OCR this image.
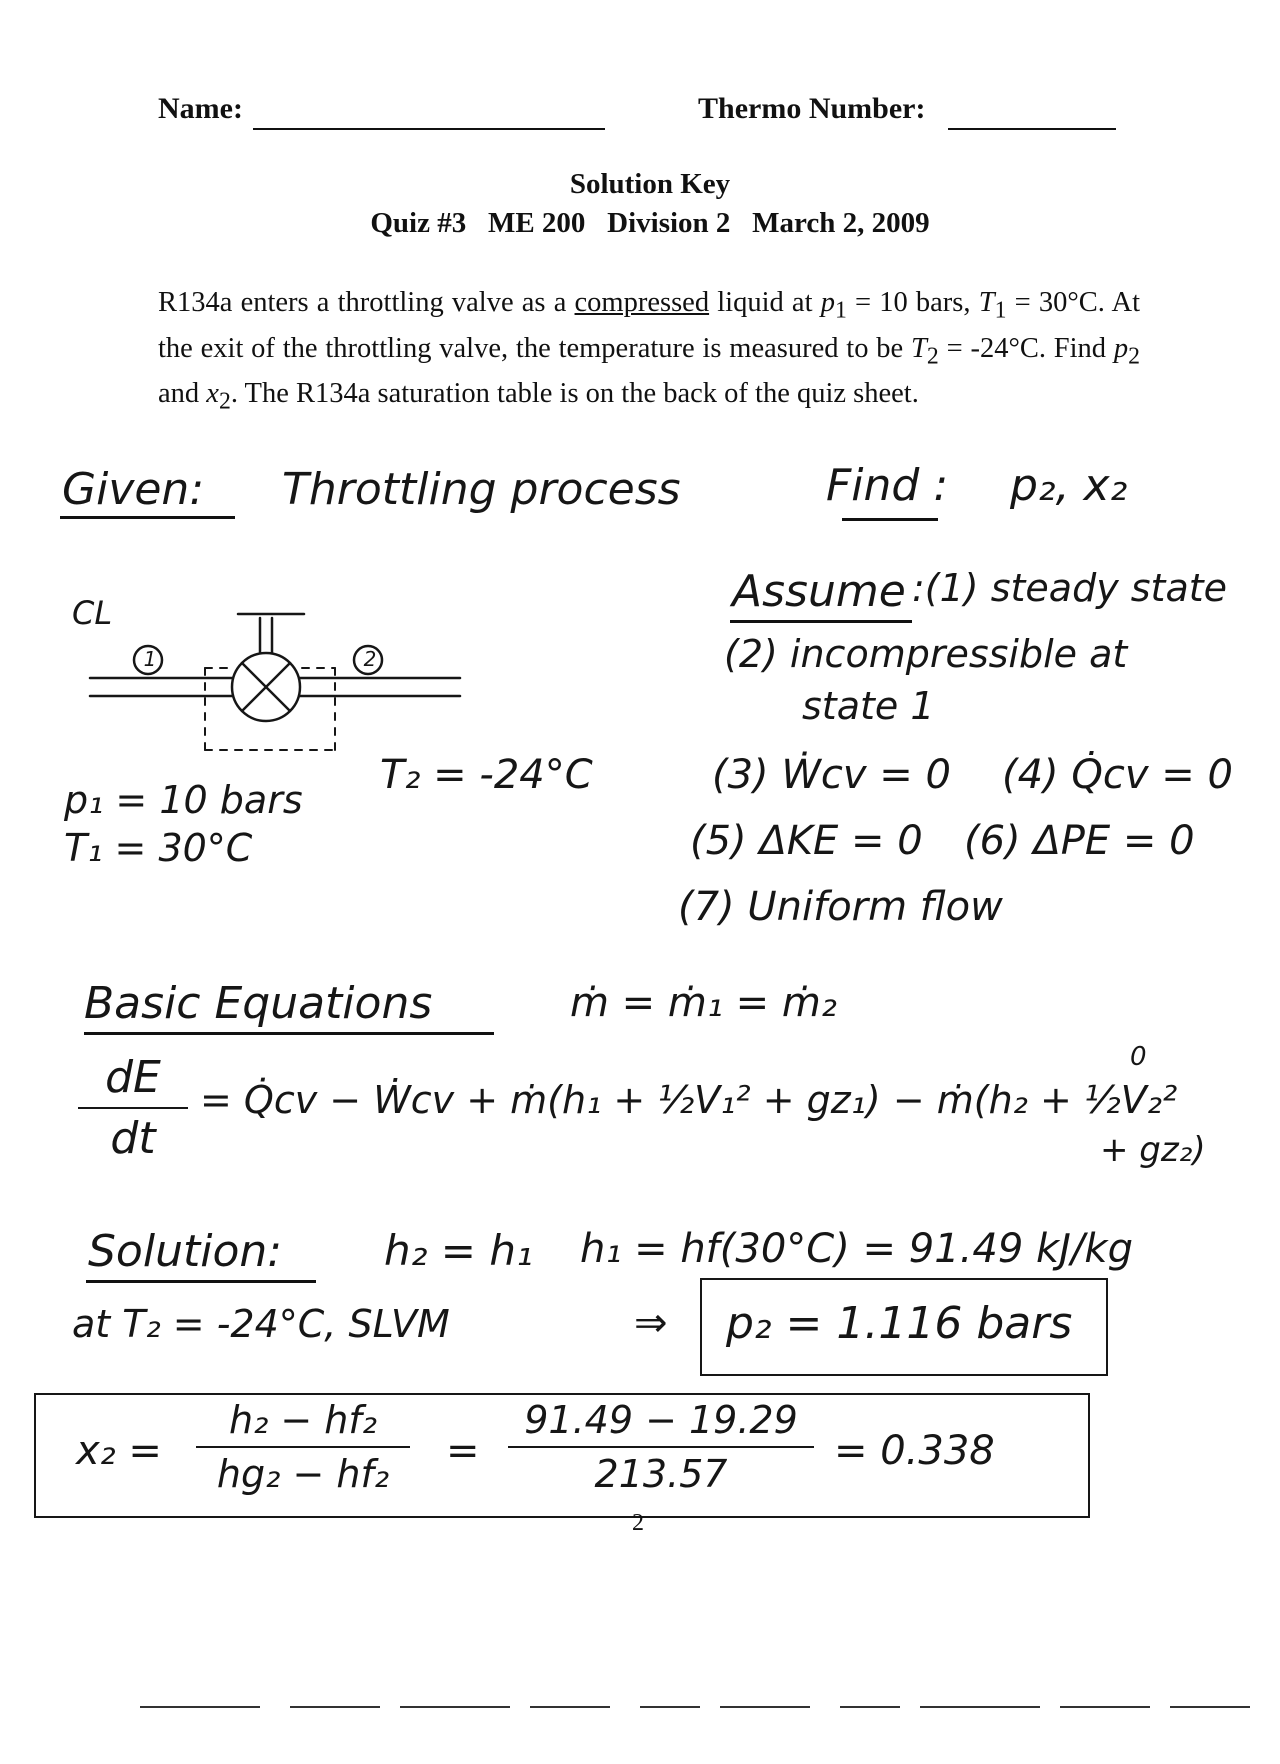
Name:	Thermo Number:
Solution Key
Quiz #3   ME 200   Division 2   March 2, 2009
R134a enters a throttling valve as a compressed liquid at $p_1 = 10$ bars, $T_1 = 30^\circ C$. At the exit of the throttling valve, the temperature is measured to be $T_2 = -24^\circ C$. Find $p_2$ and $x_2$. The R134a saturation table is on the back of the quiz sheet.
Given: Throttling process	Find : p₂, x₂
CL
1	2
p₁ = 10 bars
T₁ = 30°C
T₂ = -24°C
Assume :(1) steady state
(2) incompressible at
state 1
(3) Ẇcv = 0 (4) Q̇cv = 0
(5) ΔKE = 0 (6) ΔPE = 0
(7) Uniform flow
Basic Equations	ṁ = ṁ₁ = ṁ₂
dE
dt
= Q̇cv − Ẇcv + ṁ(h₁ + ½V₁² + gz₁) − ṁ(h₂ + ½V₂²
0
+ gz₂)
Solution: h₂ = h₁ h₁ = hf(30°C) = 91.49 kJ/kg
at T₂ = -24°C, SLVM	⇒ p₂ = 1.116 bars
x₂ =
h₂ − hf₂
hg₂ − hf₂	=
91.49 − 19.29
213.57	= 0.338
2
